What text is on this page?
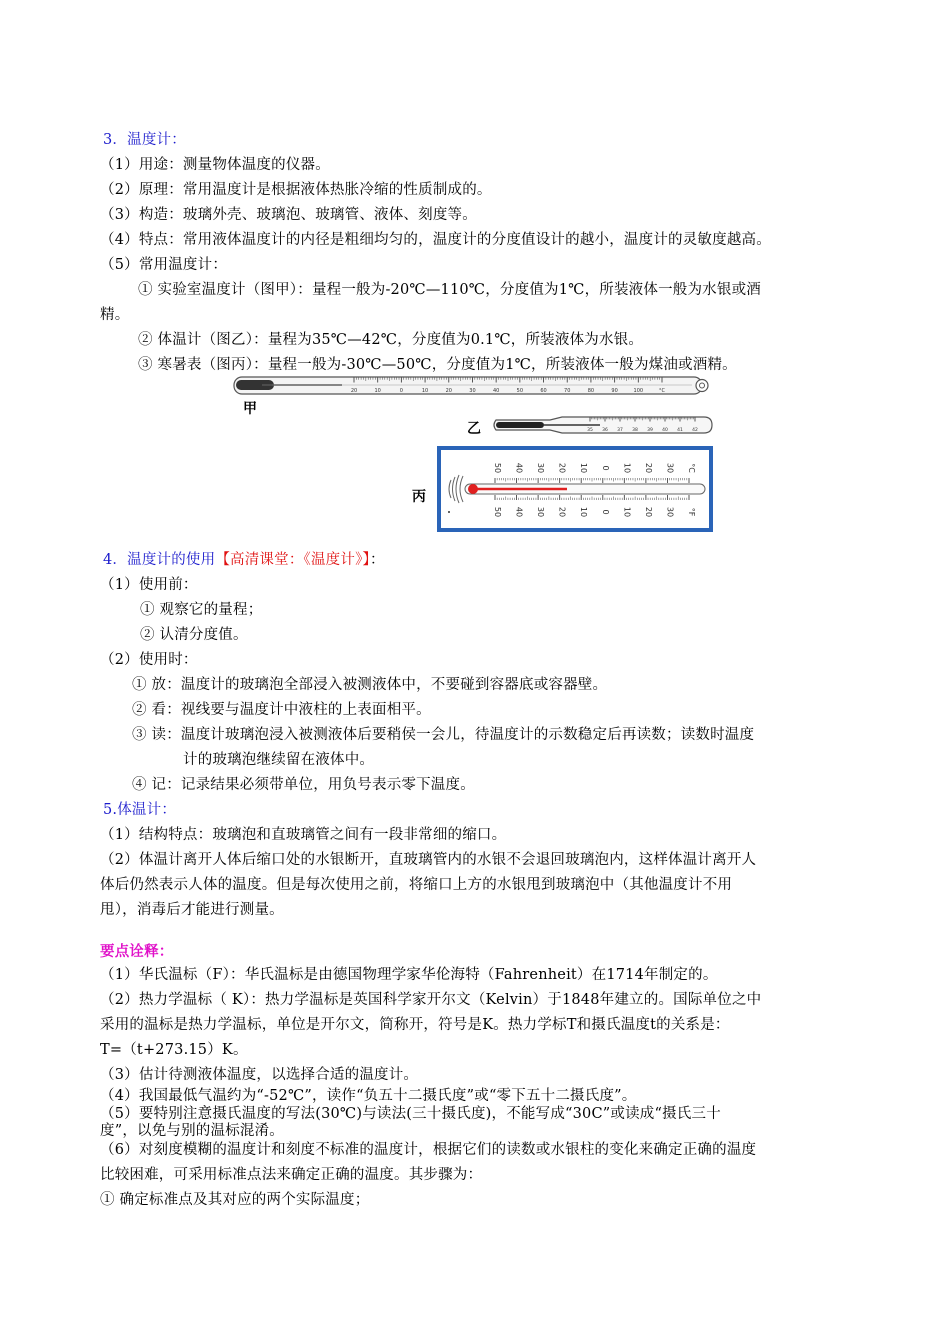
3．温度计：
（1）用途：测量物体温度的仪器。
（2）原理：常用温度计是根据液体热胀冷缩的性质制成的。
（3）构造：玻璃外壳、玻璃泡、玻璃管、液体、刻度等。
（4）特点：常用液体温度计的内径是粗细均匀的，温度计的分度值设计的越小，温度计的灵敏度越高。
（5）常用温度计：
① 实验室温度计（图甲）：量程一般为-20℃—110℃，分度值为1℃，所装液体一般为水银或酒
精。
② 体温计（图乙）：量程为35℃—42℃，分度值为0.1℃，所装液体为水银。
③ 寒暑表（图丙）：量程一般为-30℃—50℃，分度值为1℃，所装液体一般为煤油或酒精。
20	10	0	10	20	30	40	50	60	70	80	90	100	°C
甲
乙	35 36 37 38 39 40 41 42
丙
50 40 30 20 10 0 10 20 30 °C
50 40 30 20 10 0 10 20 30 °F
4．温度计的使用【高清课堂：《温度计》】：
（1）使用前：
① 观察它的量程；
② 认清分度值。
（2）使用时：
① 放：温度计的玻璃泡全部浸入被测液体中，不要碰到容器底或容器壁。
② 看：视线要与温度计中液柱的上表面相平。
③ 读：温度计玻璃泡浸入被测液体后要稍侯一会儿，待温度计的示数稳定后再读数；读数时温度
计的玻璃泡继续留在液体中。
④ 记：记录结果必须带单位，用负号表示零下温度。
5.体温计：
（1）结构特点：玻璃泡和直玻璃管之间有一段非常细的缩口。
（2）体温计离开人体后缩口处的水银断开，直玻璃管内的水银不会退回玻璃泡内，这样体温计离开人
体后仍然表示人体的温度。但是每次使用之前，将缩口上方的水银甩到玻璃泡中（其他温度计不用
甩），消毒后才能进行测量。
要点诠释：
（1）华氏温标（F）：华氏温标是由德国物理学家华伦海特（Fahrenheit）在1714年制定的。
（2）热力学温标（ K）：热力学温标是英国科学家开尔文（Kelvin）于1848年建立的。国际单位之中
采用的温标是热力学温标，单位是开尔文，简称开，符号是K。热力学标T和摄氏温度t的关系是：
T=（t+273.15）K。
（3）估计待测液体温度，以选择合适的温度计。
（4）我国最低气温约为“-52℃”，读作“负五十二摄氏度”或“零下五十二摄氏度”。
（5）要特别注意摄氏温度的写法(30℃)与读法(三十摄氏度)，不能写成“30C”或读成“摄氏三十
度”，以免与别的温标混淆。
（6）对刻度模糊的温度计和刻度不标准的温度计，根据它们的读数或水银柱的变化来确定正确的温度
比较困难，可采用标准点法来确定正确的温度。其步骤为：
① 确定标准点及其对应的两个实际温度；
